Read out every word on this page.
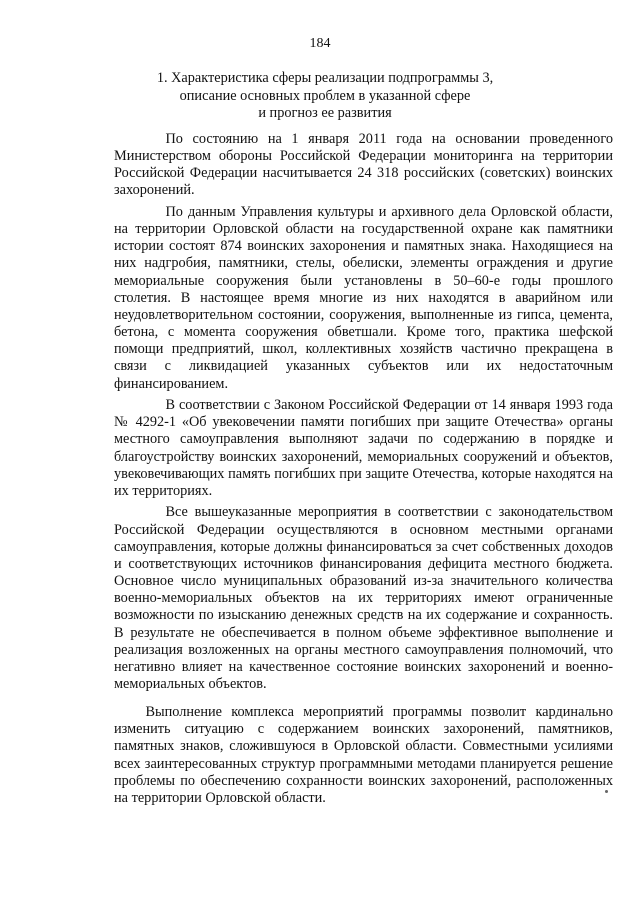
184
1. Характеристика сферы реализации подпрограммы 3,
описание основных проблем в указанной сфере
и прогноз ее развития

По состоянию на 1 января 2011 года на основании проведенного Министерством обороны Российской Федерации мониторинга на территории Российской Федерации насчитывается 24 318 российских (советских) воинских захоронений.

По данным Управления культуры и архивного дела Орловской области, на территории Орловской области на государственной охране как памятники истории состоят 874 воинских захоронения и памятных знака. Находящиеся на них надгробия, памятники, стелы, обелиски, элементы ограждения и другие мемориальные сооружения были установлены в 50–60-е годы прошлого столетия. В настоящее время многие из них находятся в аварийном или неудовлетворительном состоянии, сооружения, выполненные из гипса, цемента, бетона, с момента сооружения обветшали. Кроме того, практика шефской помощи предприятий, школ, коллективных хозяйств частично прекращена в связи с ликвидацией указанных субъектов или их недостаточным финансированием.

В соответствии с Законом Российской Федерации от 14 января 1993 года № 4292-1 «Об увековечении памяти погибших при защите Отечества» органы местного самоуправления выполняют задачи по содержанию в порядке и благоустройству воинских захоронений, мемориальных сооружений и объектов, увековечивающих память погибших при защите Отечества, которые находятся на их территориях.

Все вышеуказанные мероприятия в соответствии с законодательством Российской Федерации осуществляются в основном местными органами самоуправления, которые должны финансироваться за счет собственных доходов и соответствующих источников финансирования дефицита местного бюджета. Основное число муниципальных образований из-за значительного количества военно-мемориальных объектов на их территориях имеют ограниченные возможности по изысканию денежных средств на их содержание и сохранность. В результате не обеспечивается в полном объеме эффективное выполнение и реализация возложенных на органы местного самоуправления полномочий, что негативно влияет на качественное состояние воинских захоронений и военно-мемориальных объектов.

Выполнение комплекса мероприятий программы позволит кардинально изменить ситуацию с содержанием воинских захоронений, памятников, памятных знаков, сложившуюся в Орловской области. Совместными усилиями всех заинтересованных структур программными методами планируется решение проблемы по обеспечению сохранности воинских захоронений, расположенных на территории Орловской области.
